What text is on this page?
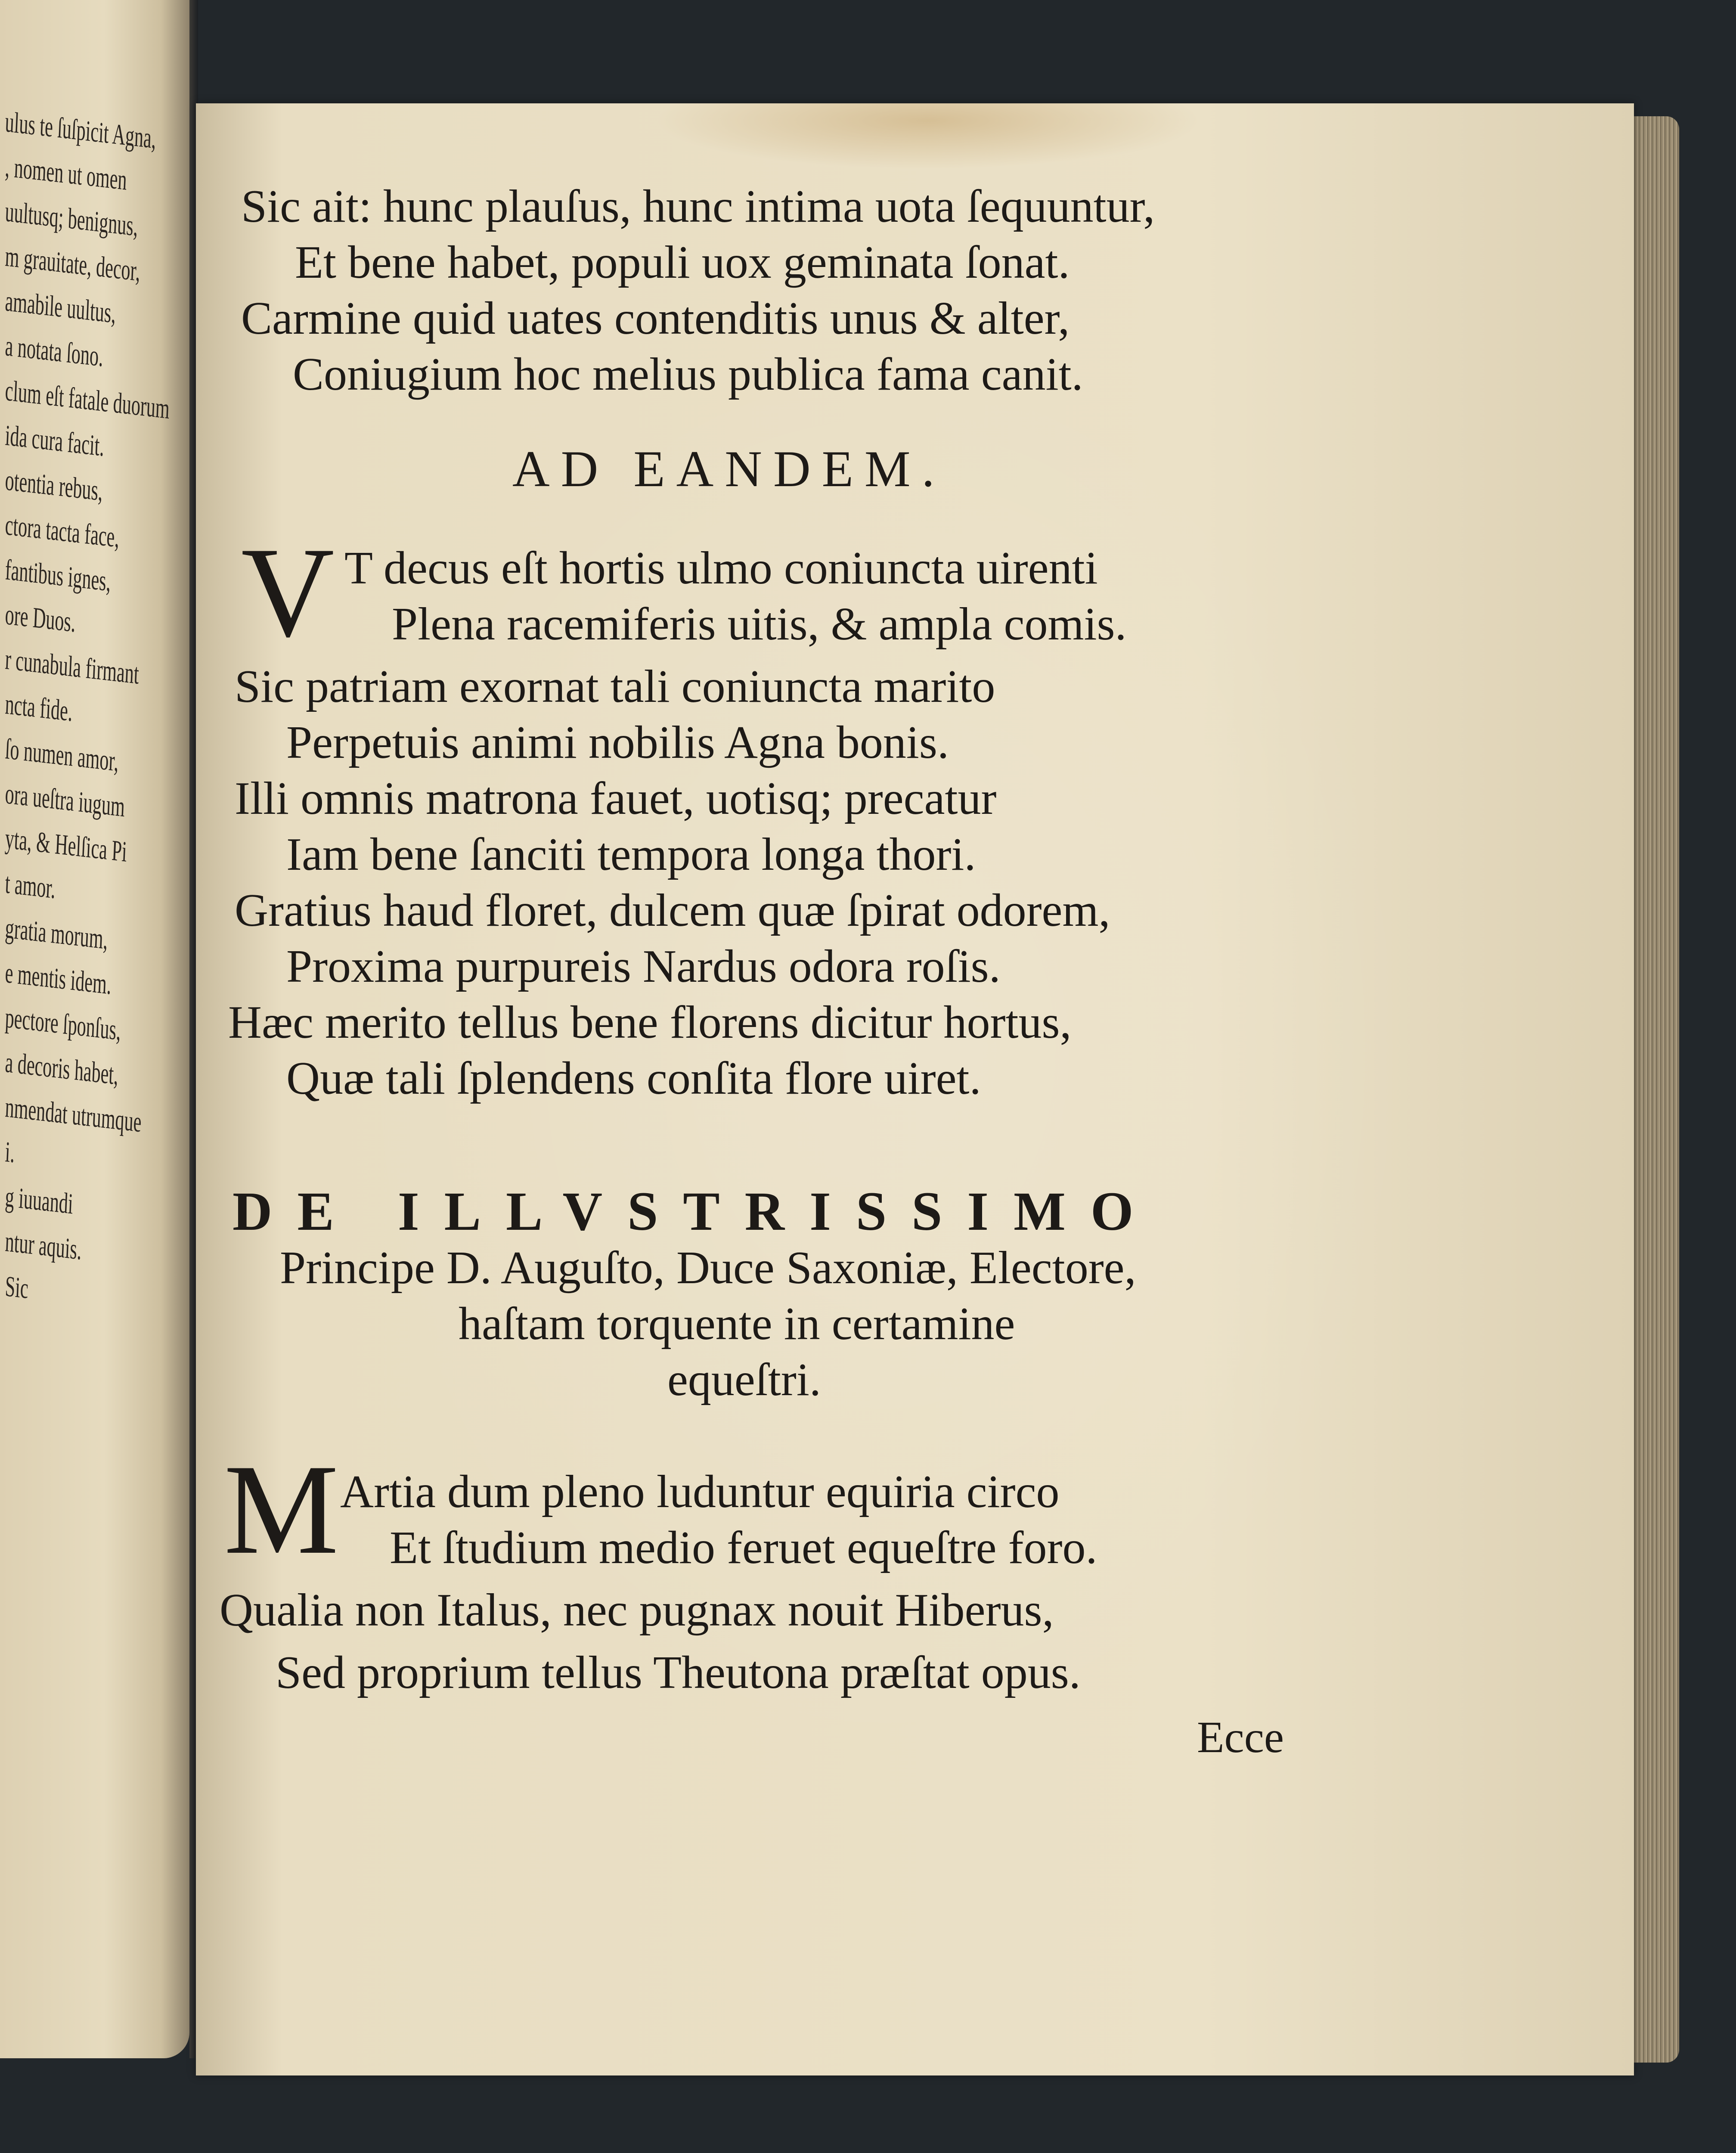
ulus te ſuſpicit Agna,
, nomen ut omen
uultusq; benignus,
m grauitate, decor,
amabile uultus,
a notata ſono.
clum eſt fatale duorum
ida cura facit.
otentia rebus,
ctora tacta face,
fantibus ignes,
ore Duos.
r cunabula firmant
ncta fide.
ſo numen amor,
ora ueſtra iugum
yta, & Helſica Pi
t amor.
gratia morum,
e mentis idem.
pectore ſponſus,
a decoris habet,
nmendat utrumque
i.
g iuuandi
ntur aquis.
Sic
Sic ait: hunc plauſus, hunc intima uota ſequuntur,
Et bene habet, populi uox geminata ſonat.
Carmine quid uates contenditis unus & alter,
Coniugium hoc melius publica fama canit.
AD EANDEM.
V T decus eſt hortis ulmo coniuncta uirenti
Plena racemiferis uitis, & ampla comis.
Sic patriam exornat tali coniuncta marito
Perpetuis animi nobilis Agna bonis.
Illi omnis matrona fauet, uotisq; precatur
Iam bene ſanciti tempora longa thori.
Gratius haud floret, dulcem quæ ſpirat odorem,
Proxima purpureis Nardus odora roſis.
Hæc merito tellus bene florens dicitur hortus,
Quæ tali ſplendens conſita flore uiret.
DE ILLVSTRISSIMO
Principe D. Auguſto, Duce Saxoniæ, Electore,
haſtam torquente in certamine
equeſtri.
M Artia dum pleno luduntur equiria circo
Et ſtudium medio feruet equeſtre foro.
Qualia non Italus, nec pugnax nouit Hiberus,
Sed proprium tellus Theutona præſtat opus.
Ecce
